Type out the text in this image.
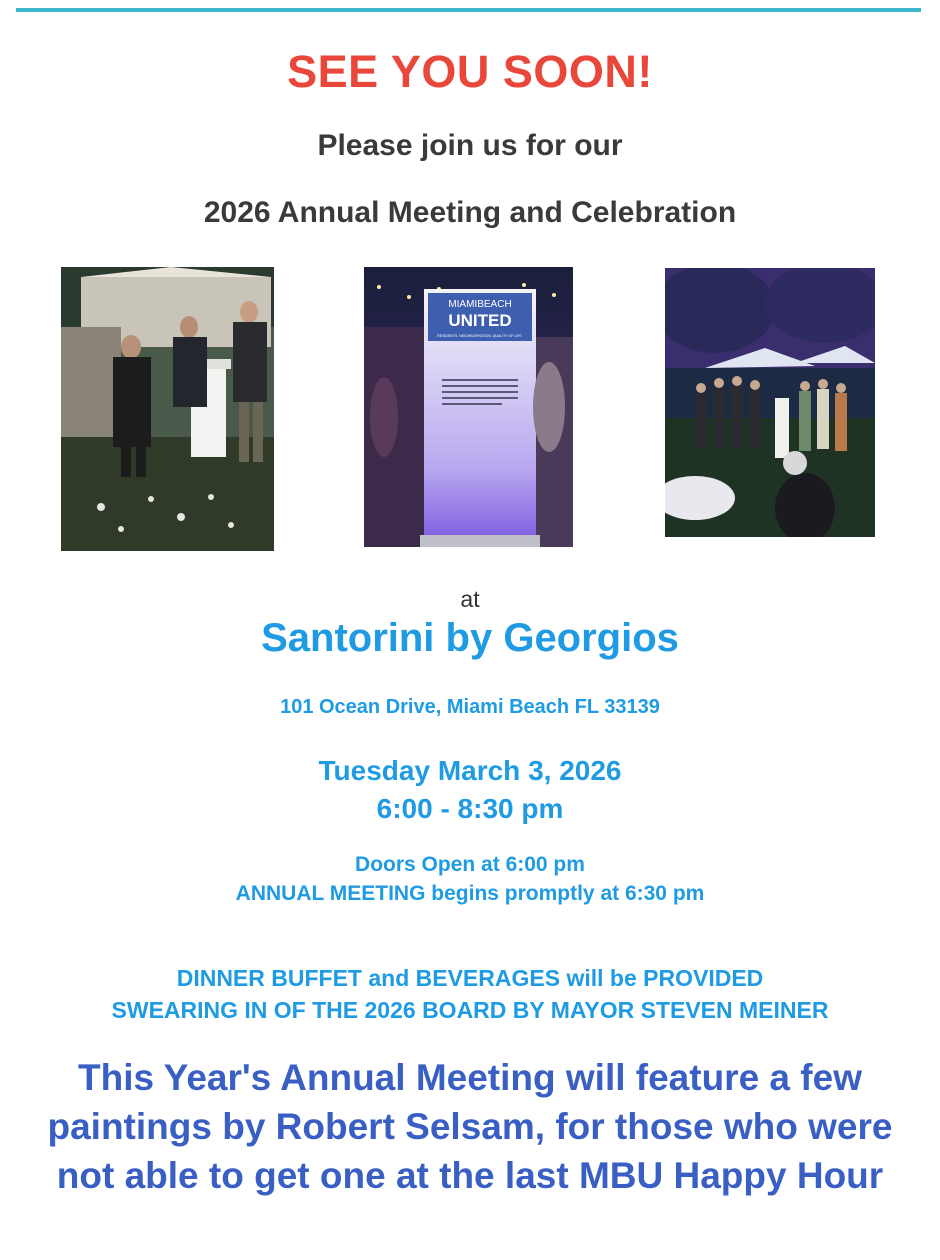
SEE YOU SOON!
Please join us for our
2026 Annual Meeting and Celebration
MIAMIBEACH
UNITED
RESIDENTS. NEIGHBORHOODS. QUALITY OF LIFE.
at
Santorini by Georgios
101 Ocean Drive, Miami Beach FL 33139
Tuesday March 3, 2026
6:00 - 8:30 pm
Doors Open at 6:00 pm
ANNUAL MEETING begins promptly at 6:30 pm
DINNER BUFFET and BEVERAGES will be PROVIDED
SWEARING IN OF THE 2026 BOARD BY MAYOR STEVEN MEINER
This Year's Annual Meeting will feature a few paintings by Robert Selsam, for those who were not able to get one at the last MBU Happy Hour
